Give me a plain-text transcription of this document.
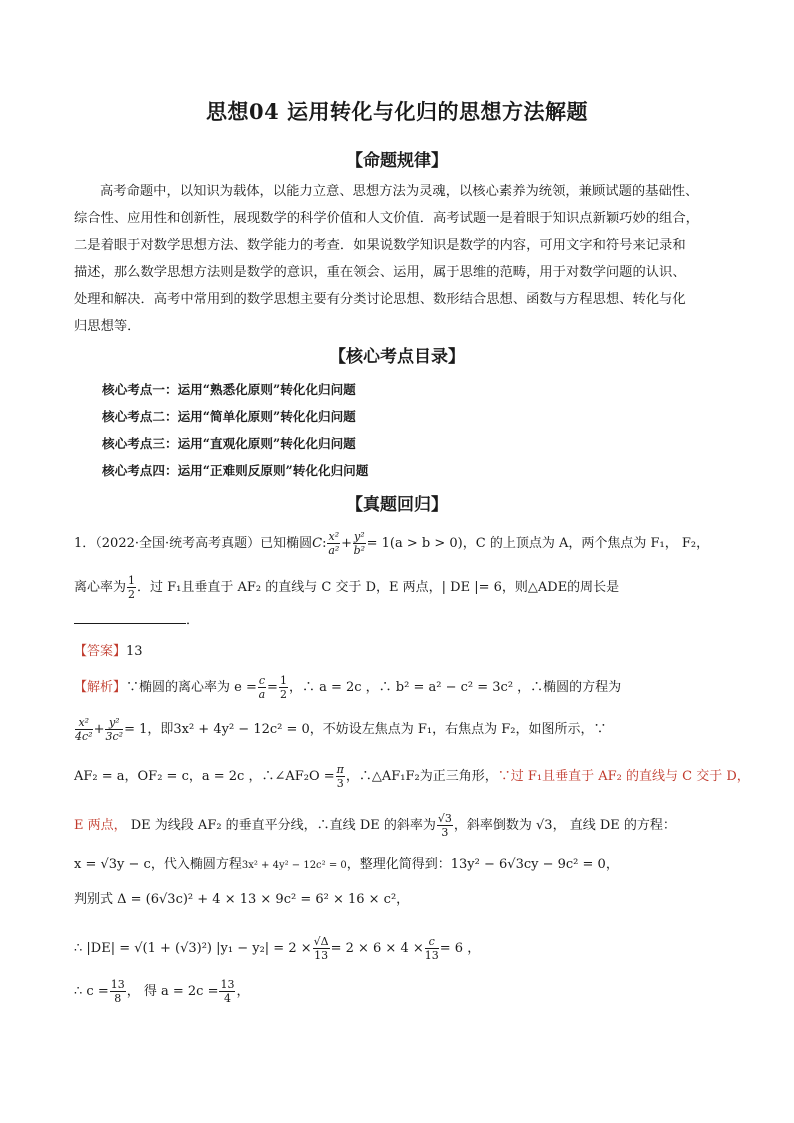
思想04 运用转化与化归的思想方法解题
【命题规律】
高考命题中，以知识为载体，以能力立意、思想方法为灵魂，以核心素养为统领，兼顾试题的基础性、
综合性、应用性和创新性，展现数学的科学价值和人文价值．高考试题一是着眼于知识点新颖巧妙的组合，
二是着眼于对数学思想方法、数学能力的考查．如果说数学知识是数学的内容，可用文字和符号来记录和
描述，那么数学思想方法则是数学的意识，重在领会、运用，属于思维的范畴，用于对数学问题的认识、
处理和解决．高考中常用到的数学思想主要有分类讨论思想、数形结合思想、函数与方程思想、转化与化
归思想等．
【核心考点目录】
核心考点一：运用“熟悉化原则”转化化归问题
核心考点二：运用“简单化原则”转化化归问题
核心考点三：运用“直观化原则”转化化归问题
核心考点四：运用“正难则反原则”转化化归问题
【真题回归】
1．（2022·全国·统考高考真题）已知椭圆C: $\frac{\text{x²}}{\text{a²}} + \frac{\text{y²}}{\text{b²}} = 1(a > b > 0)$，C 的上顶点为 A，两个焦点为 F₁， F₂，
离心率为 $\frac{1}{2}$ ．过 F₁且垂直于 AF₂ 的直线与 C 交于 D，E 两点，| DE |= 6，则△ADE的周长是
．
【答案】13
【解析】∵椭圆的离心率为 $e = \frac{c}{a} = \frac{1}{2}$ ，∴ a = 2c ，∴ b² = a² − c² = 3c² ，∴椭圆的方程为
$\frac{\text{x²}}{\text{4c²}} + \frac{\text{y²}}{\text{3c²}} = 1$，即3x² + 4y² − 12c² = 0，不妨设左焦点为 F₁，右焦点为 F₂，如图所示，∵
AF₂ = a，OF₂ = c，a = 2c ，∴∠AF₂O = $\frac{\pi}{3}$ ，∴△AF₁F₂为正三角形，∵过 F₁且垂直于 AF₂ 的直线与 C 交于 D，
E 两点， DE 为线段 AF₂ 的垂直平分线，∴直线 DE 的斜率为 $\frac{√3}{3}$ ，斜率倒数为 √3， 直线 DE 的方程：
x = √3y − c，代入椭圆方程3x² + 4y² − 12c² = 0，整理化简得到：13y² − 6√3cy − 9c² = 0，
判别式 Δ = (6√3c)² + 4 × 13 × 9c² = 6² × 16 × c²，
∴ |DE| = √(1 + (√3)²) $|y_1 - y_2| = 2 \times \frac{√\Delta}{13} = 2 \times 6 \times 4 \times \frac{c}{13} = 6$ ，
∴ $c = \frac{13}{8}$ ， 得 $a = 2c = \frac{13}{4}$ ，
